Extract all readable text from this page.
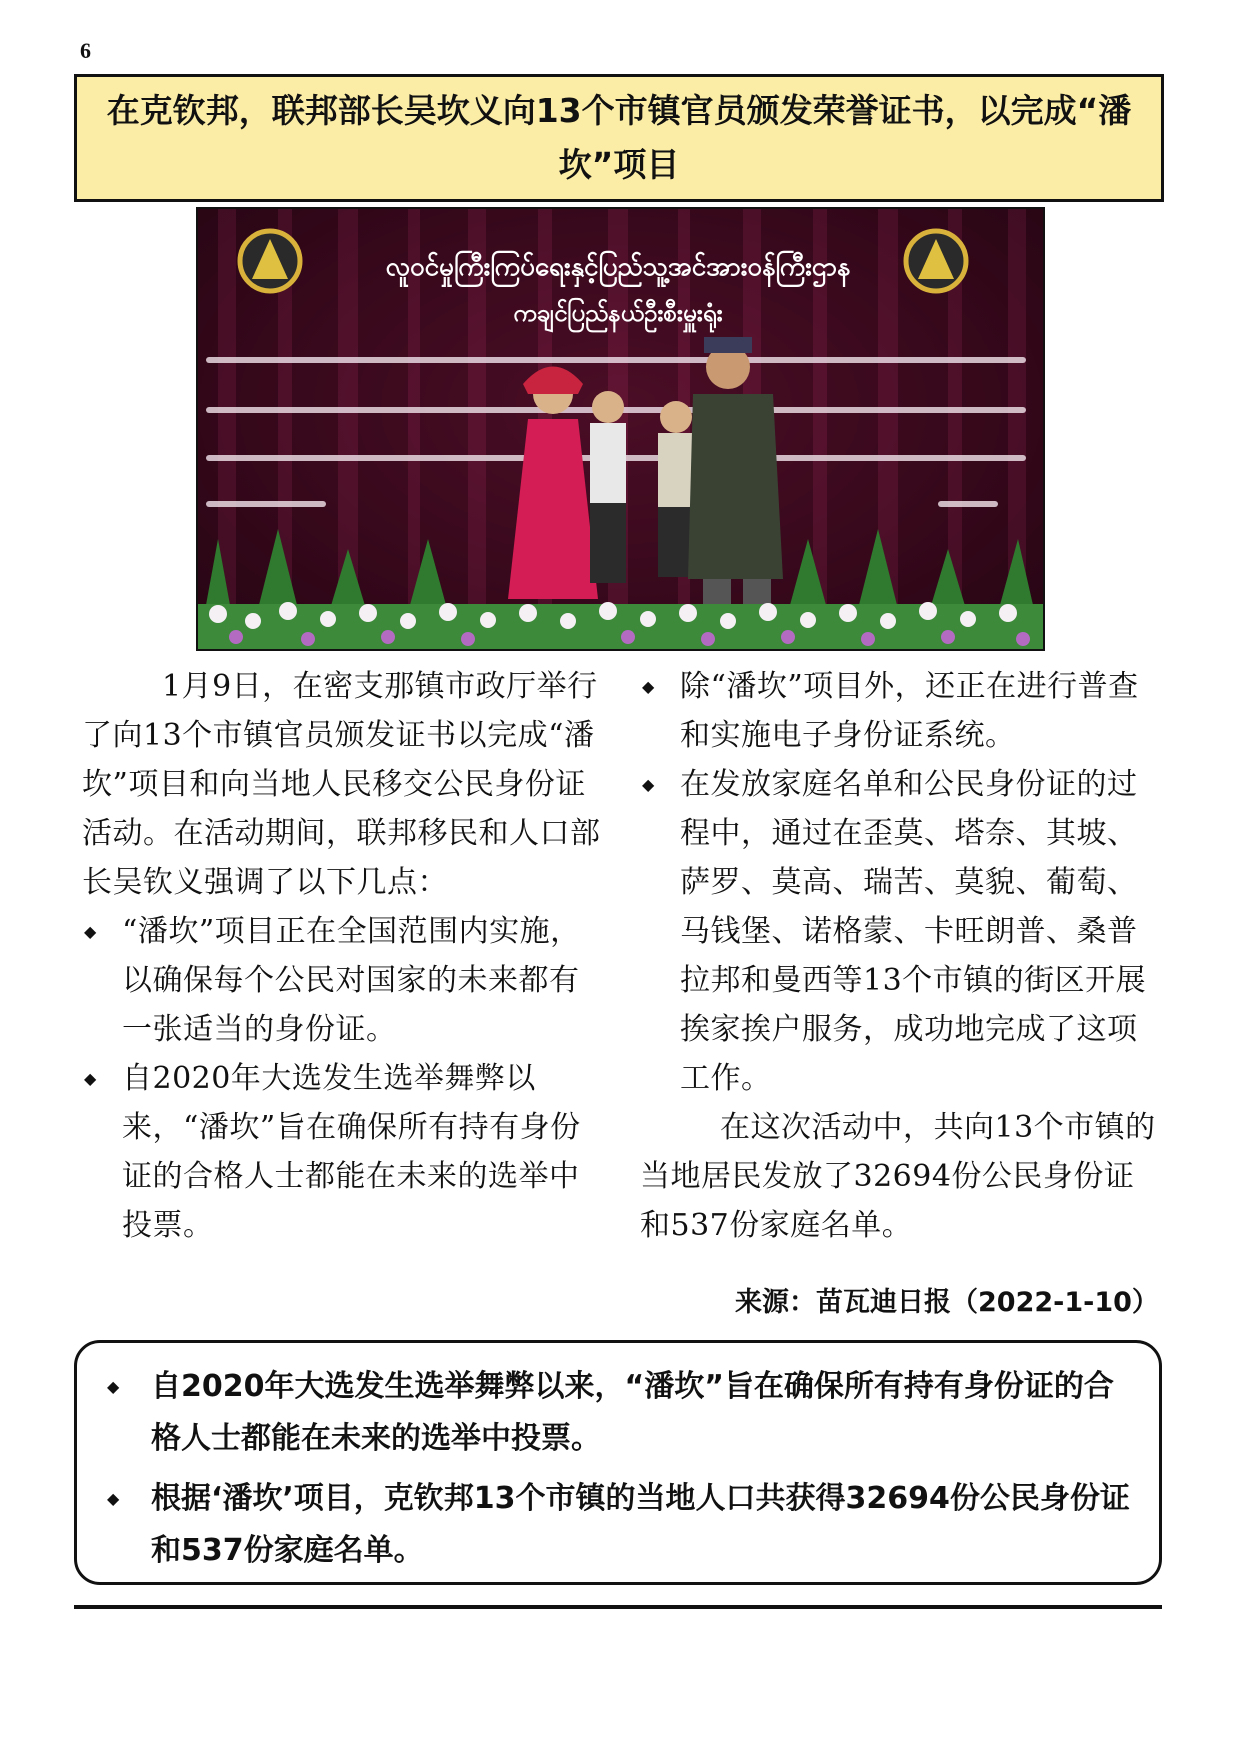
6
在克钦邦，联邦部长吴坎义向13个市镇官员颁发荣誉证书，以完成“潘坎”项目
လူဝင်မှုကြီးကြပ်ရေးနှင့်ပြည်သူ့အင်အားဝန်ကြီးဌာန
ကချင်ပြည်နယ်ဦးစီးမှူးရုံး

1月9日，在密支那镇市政厅举行了向13个市镇官员颁发证书以完成“潘坎”项目和向当地人民移交公民身份证活动。在活动期间，联邦移民和人口部长吴钦义强调了以下几点：

◆ “潘坎”项目正在全国范围内实施，以确保每个公民对国家的未来都有一张适当的身份证。
◆ 自2020年大选发生选举舞弊以来，“潘坎”旨在确保所有持有身份证的合格人士都能在未来的选举中投票。
◆ 除“潘坎”项目外，还正在进行普查和实施电子身份证系统。
◆ 在发放家庭名单和公民身份证的过程中，通过在歪莫、塔奈、其坡、萨罗、莫高、瑞苦、莫貌、葡萄、马钱堡、诺格蒙、卡旺朗普、桑普拉邦和曼西等13个市镇的街区开展挨家挨户服务，成功地完成了这项工作。

在这次活动中，共向13个市镇的当地居民发放了32694份公民身份证和537份家庭名单。

来源：苗瓦迪日报（2022-1-10）
◆ 自2020年大选发生选举舞弊以来，“潘坎”旨在确保所有持有身份证的合格人士都能在未来的选举中投票。
◆ 根据‘潘坎’项目，克钦邦13个市镇的当地人口共获得32694份公民身份证和537份家庭名单。
